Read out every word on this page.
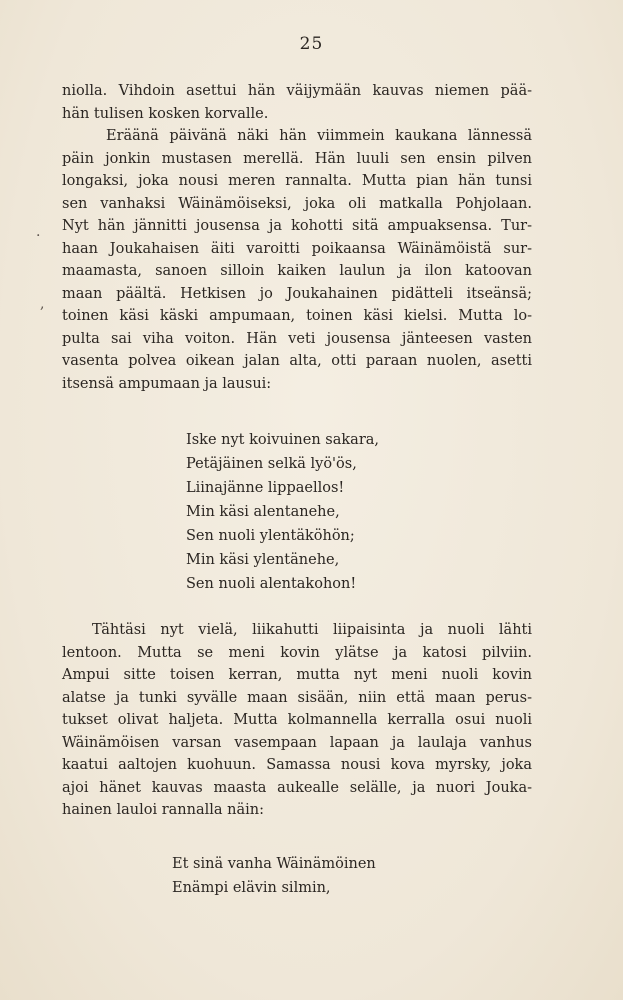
25
.
,
niolla. Vihdoin asettui hän väijymään kauvas niemen pää-
hän tulisen kosken korvalle.
Eräänä päivänä näki hän viimmein kaukana lännessä
päin jonkin mustasen merellä. Hän luuli sen ensin pilven
longaksi, joka nousi meren rannalta. Mutta pian hän tunsi
sen vanhaksi Wäinämöiseksi, joka oli matkalla Pohjolaan.
Nyt hän jännitti jousensa ja kohotti sitä ampuaksensa. Tur-
haan Joukahaisen äiti varoitti poikaansa Wäinämöistä sur-
maamasta, sanoen silloin kaiken laulun ja ilon katoovan
maan päältä. Hetkisen jo Joukahainen pidätteli itseänsä;
toinen käsi käski ampumaan, toinen käsi kielsi. Mutta lo-
pulta sai viha voiton. Hän veti jousensa jänteesen vasten
vasenta polvea oikean jalan alta, otti paraan nuolen, asetti
itsensä ampumaan ja lausui:
Iske nyt koivuinen sakara,
Petäjäinen selkä lyö'ös,
Liinajänne lippaellos!
Min käsi alentanehe,
Sen nuoli ylentäköhön;
Min käsi ylentänehe,
Sen nuoli alentakohon!
Tähtäsi nyt vielä, liikahutti liipaisinta ja nuoli lähti
lentoon. Mutta se meni kovin ylätse ja katosi pilviin.
Ampui sitte toisen kerran, mutta nyt meni nuoli kovin
alatse ja tunki syvälle maan sisään, niin että maan perus-
tukset olivat haljeta. Mutta kolmannella kerralla osui nuoli
Wäinämöisen varsan vasempaan lapaan ja laulaja vanhus
kaatui aaltojen kuohuun. Samassa nousi kova myrsky, joka
ajoi hänet kauvas maasta aukealle selälle, ja nuori Jouka-
hainen lauloi rannalla näin:
Et sinä vanha Wäinämöinen
Enämpi elävin silmin,
